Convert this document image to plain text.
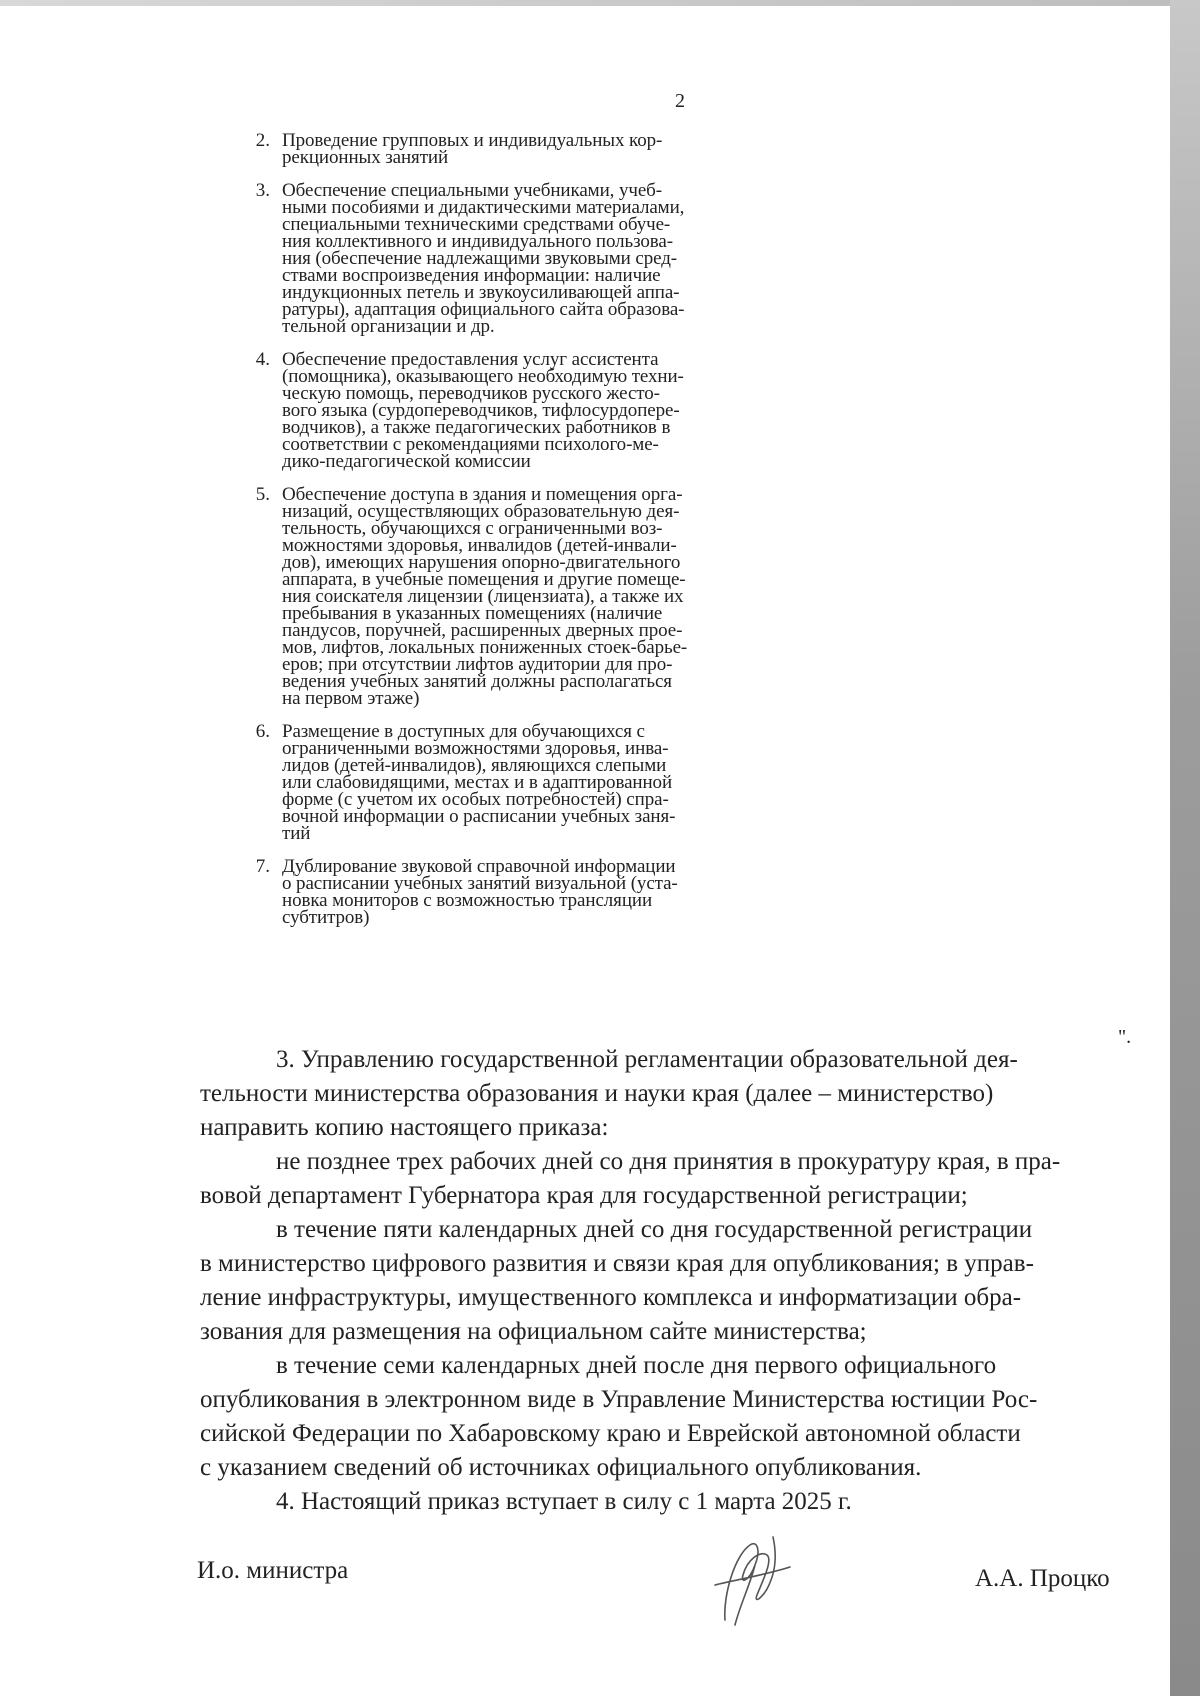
2
2. Проведение групповых и индивидуальных кор-
рекционных занятий
3. Обеспечение специальными учебниками, учеб-
ными пособиями и дидактическими материалами,
специальными техническими средствами обуче-
ния коллективного и индивидуального пользова-
ния (обеспечение надлежащими звуковыми сред-
ствами воспроизведения информации: наличие
индукционных петель и звукоусиливающей аппа-
ратуры), адаптация официального сайта образова-
тельной организации и др.
4. Обеспечение предоставления услуг ассистента
(помощника), оказывающего необходимую техни-
ческую помощь, переводчиков русского жесто-
вого языка (сурдопереводчиков, тифлосурдопере-
водчиков), а также педагогических работников в
соответствии с рекомендациями психолого-ме-
дико-педагогической комиссии
5. Обеспечение доступа в здания и помещения орга-
низаций, осуществляющих образовательную дея-
тельность, обучающихся с ограниченными воз-
можностями здоровья, инвалидов (детей-инвали-
дов), имеющих нарушения опорно-двигательного
аппарата, в учебные помещения и другие помеще-
ния соискателя лицензии (лицензиата), а также их
пребывания в указанных помещениях (наличие
пандусов, поручней, расширенных дверных прое-
мов, лифтов, локальных пониженных стоек-барье-
еров; при отсутствии лифтов аудитории для про-
ведения учебных занятий должны располагаться
на первом этаже)
6. Размещение в доступных для обучающихся с
ограниченными возможностями здоровья, инва-
лидов (детей-инвалидов), являющихся слепыми
или слабовидящими, местах и в адаптированной
форме (с учетом их особых потребностей) спра-
вочной информации о расписании учебных заня-
тий
7. Дублирование звуковой справочной информации
о расписании учебных занятий визуальной (уста-
новка мониторов с возможностью трансляции
субтитров)
".

3. Управлению государственной регламентации образовательной дея-
тельности министерства образования и науки края (далее – министерство)
направить копию настоящего приказа:

не позднее трех рабочих дней со дня принятия в прокуратуру края, в пра-
вовой департамент Губернатора края для государственной регистрации;

в течение пяти календарных дней со дня государственной регистрации
в министерство цифрового развития и связи края для опубликования; в управ-
ление инфраструктуры, имущественного комплекса и информатизации обра-
зования для размещения на официальном сайте министерства;

в течение семи календарных дней после дня первого официального
опубликования в электронном виде в Управление Министерства юстиции Рос-
сийской Федерации по Хабаровскому краю и Еврейской автономной области
с указанием сведений об источниках официального опубликования.

4. Настоящий приказ вступает в силу с 1 марта 2025 г.

И.о. министра	А.А. Процко
